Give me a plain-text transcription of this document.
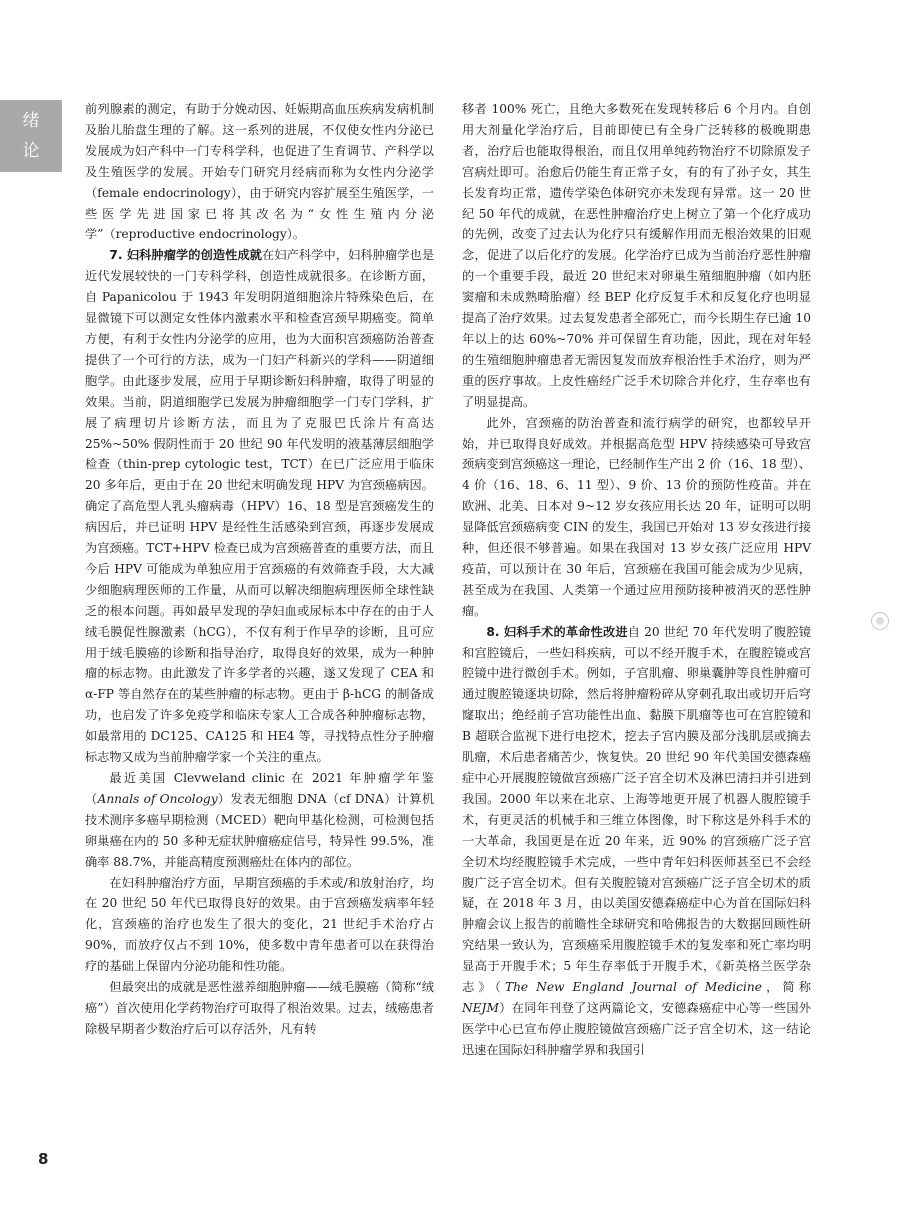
绪
论

前列腺素的测定，有助于分娩动因、妊娠期高血压疾病发病机制及胎儿胎盘生理的了解。这一系列的进展，不仅使女性内分泌已发展成为妇产科中一门专科学科，也促进了生育调节、产科学以及生殖医学的发展。开始专门研究月经病而称为女性内分泌学（female endocrinology），由于研究内容扩展至生殖医学，一些医学先进国家已将其改名为“女性生殖内分泌学”（reproductive endocrinology）。

7. 妇科肿瘤学的创造性成就在妇产科学中，妇科肿瘤学也是近代发展较快的一门专科学科，创造性成就很多。在诊断方面，自 Papanicolou 于 1943 年发明阴道细胞涂片特殊染色后，在显微镜下可以测定女性体内激素水平和检查宫颈早期癌变。简单方便，有利于女性内分泌学的应用，也为大面积宫颈癌防治普查提供了一个可行的方法，成为一门妇产科新兴的学科——阴道细胞学。由此逐步发展，应用于早期诊断妇科肿瘤，取得了明显的效果。当前，阴道细胞学已发展为肿瘤细胞学一门专门学科，扩展了病理切片诊断方法，而且为了克服巴氏涂片有高达 25%~50% 假阴性而于 20 世纪 90 年代发明的液基薄层细胞学检查（thin-prep cytologic test，TCT）在已广泛应用于临床 20 多年后，更由于在 20 世纪末明确发现 HPV 为宫颈癌病因。确定了高危型人乳头瘤病毒（HPV）16、18 型是宫颈癌发生的病因后，并已证明 HPV 是经性生活感染到宫颈，再逐步发展成为宫颈癌。TCT+HPV 检查已成为宫颈癌普查的重要方法，而且今后 HPV 可能成为单独应用于宫颈癌的有效筛查手段，大大减少细胞病理医师的工作量，从而可以解决细胞病理医师全球性缺乏的根本问题。再如最早发现的孕妇血或尿标本中存在的由于人绒毛膜促性腺激素（hCG），不仅有利于作早孕的诊断，且可应用于绒毛膜癌的诊断和指导治疗，取得良好的效果，成为一种肿瘤的标志物。由此激发了许多学者的兴趣，遂又发现了 CEA 和 α-FP 等自然存在的某些肿瘤的标志物。更由于 β-hCG 的制备成功，也启发了许多免疫学和临床专家人工合成各种肿瘤标志物，如最常用的 DC125、CA125 和 HE4 等，寻找特点性分子肿瘤标志物又成为当前肿瘤学家一个关注的重点。

最近美国 Clevweland clinic 在 2021 年肿瘤学年鉴（Annals of Oncology）发表无细胞 DNA（cf DNA）计算机技术测序多癌早期检测（MCED）靶向甲基化检测，可检测包括卵巢癌在内的 50 多种无症状肿瘤癌症信号，特异性 99.5%，准确率 88.7%，并能高精度预测癌灶在体内的部位。

在妇科肿瘤治疗方面，早期宫颈癌的手术或/和放射治疗，均在 20 世纪 50 年代已取得良好的效果。由于宫颈癌发病率年轻化，宫颈癌的治疗也发生了很大的变化，21 世纪手术治疗占 90%，而放疗仅占不到 10%，使多数中青年患者可以在获得治疗的基础上保留内分泌功能和性功能。

但最突出的成就是恶性滋养细胞肿瘤——绒毛膜癌（简称“绒癌”）首次使用化学药物治疗可取得了根治效果。过去，绒癌患者除极早期者少数治疗后可以存活外，凡有转

移者 100% 死亡，且绝大多数死在发现转移后 6 个月内。自创用大剂量化学治疗后，目前即使已有全身广泛转移的极晚期患者，治疗后也能取得根治，而且仅用单纯药物治疗不切除原发子宫病灶即可。治愈后仍能生育正常子女，有的有了孙子女，其生长发育均正常，遗传学染色体研究亦未发现有异常。这一 20 世纪 50 年代的成就，在恶性肿瘤治疗史上树立了第一个化疗成功的先例，改变了过去认为化疗只有缓解作用而无根治效果的旧观念，促进了以后化疗的发展。化学治疗已成为当前治疗恶性肿瘤的一个重要手段，最近 20 世纪末对卵巢生殖细胞肿瘤（如内胚窦瘤和未成熟畸胎瘤）经 BEP 化疗反复手术和反复化疗也明显提高了治疗效果。过去复发患者全部死亡，而今长期生存已逾 10 年以上的达 60%~70% 并可保留生育功能，因此，现在对年轻的生殖细胞肿瘤患者无需因复发而放弃根治性手术治疗，则为严重的医疗事故。上皮性癌经广泛手术切除合并化疗，生存率也有了明显提高。

此外，宫颈癌的防治普查和流行病学的研究，也都较早开始，并已取得良好成效。并根据高危型 HPV 持续感染可导致宫颈病变到宫颈癌这一理论，已经制作生产出 2 价（16、18 型）、4 价（16、18、6、11 型）、9 价、13 价的预防性疫苗。并在欧洲、北美、日本对 9~12 岁女孩应用长达 20 年，证明可以明显降低宫颈癌病变 CIN 的发生，我国已开始对 13 岁女孩进行接种，但还很不够普遍。如果在我国对 13 岁女孩广泛应用 HPV 疫苗，可以预计在 30 年后，宫颈癌在我国可能会成为少见病，甚至成为在我国、人类第一个通过应用预防接种被消灭的恶性肿瘤。

8. 妇科手术的革命性改进自 20 世纪 70 年代发明了腹腔镜和宫腔镜后，一些妇科疾病，可以不经开腹手术，在腹腔镜或宫腔镜中进行微创手术。例如，子宫肌瘤、卵巢囊肿等良性肿瘤可通过腹腔镜逐块切除，然后将肿瘤粉碎从穿刺孔取出或切开后穹窿取出；绝经前子宫功能性出血、黏膜下肌瘤等也可在宫腔镜和 B 超联合监视下进行电挖术，挖去子宫内膜及部分浅肌层或摘去肌瘤，术后患者痛苦少，恢复快。20 世纪 90 年代美国安德森癌症中心开展腹腔镜做宫颈癌广泛子宫全切术及淋巴清扫并引进到我国。2000 年以来在北京、上海等地更开展了机器人腹腔镜手术，有更灵活的机械手和三维立体图像，时下称这是外科手术的一大革命，我国更是在近 20 年来，近 90% 的宫颈癌广泛子宫全切术均经腹腔镜手术完成，一些中青年妇科医师甚至已不会经腹广泛子宫全切术。但有关腹腔镜对宫颈癌广泛子宫全切术的质疑，在 2018 年 3 月，由以美国安德森癌症中心为首在国际妇科肿瘤会议上报告的前瞻性全球研究和哈佛报告的大数据回顾性研究结果一致认为，宫颈癌采用腹腔镜手术的复发率和死亡率均明显高于开腹手术；5 年生存率低于开腹手术，《新英格兰医学杂志》（The New England Journal of Medicine，简称 NEJM）在同年刊登了这两篇论文，安德森癌症中心等一些国外医学中心已宣布停止腹腔镜做宫颈癌广泛子宫全切术，这一结论迅速在国际妇科肿瘤学界和我国引

8
